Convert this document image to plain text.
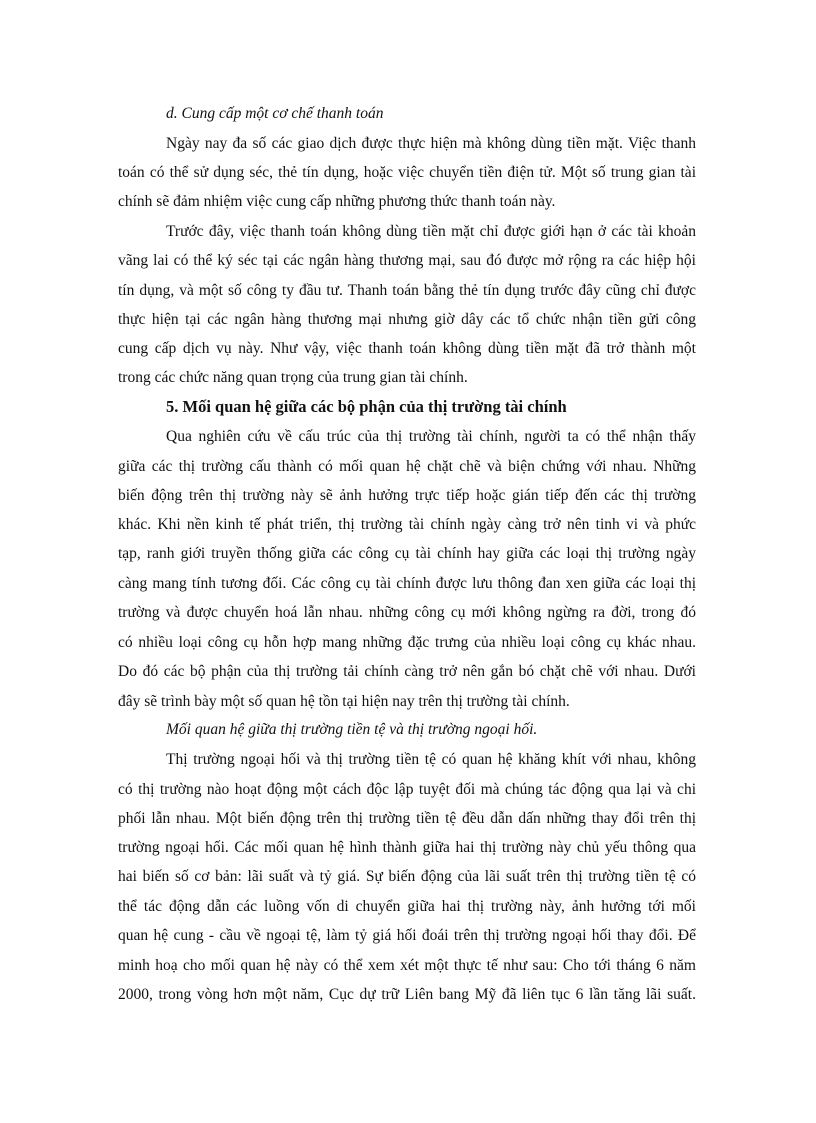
d. Cung cấp một cơ chế thanh toán
Ngày nay đa số các giao dịch được thực hiện mà không dùng tiền mặt. Việc thanh
toán có thể sử dụng séc, thẻ tín dụng, hoặc việc chuyển tiền điện tử. Một số trung gian tài
chính sẽ đảm nhiệm việc cung cấp những phương thức thanh toán này.
Trước đây, việc thanh toán không dùng tiền mặt chỉ được giới hạn ở các tài khoản
vãng lai có thể ký séc tại các ngân hàng thương mại, sau đó được mở rộng ra các hiệp hội
tín dụng, và một số công ty đầu tư. Thanh toán bằng thẻ tín dụng trước đây cũng chỉ được
thực hiện tại các ngân hàng thương mại nhưng giờ dây các tổ chức nhận tiền gửi công
cung cấp dịch vụ này. Như vậy, việc thanh toán không dùng tiền mặt đã trở thành một
trong các chức năng quan trọng của trung gian tài chính.
5. Mối quan hệ giữa các bộ phận của thị trường tài chính
Qua nghiên cứu về cấu trúc của thị trường tài chính, người ta có thể nhận thấy
giữa các thị trường cấu thành có mối quan hệ chặt chẽ và biện chứng với nhau. Những
biến động trên thị trường này sẽ ảnh hưởng trực tiếp hoặc gián tiếp đến các thị trường
khác. Khi nền kinh tế phát triển, thị trường tài chính ngày càng trở nên tinh vi và phức
tạp, ranh giới truyền thống giữa các công cụ tài chính hay giữa các loại thị trường ngày
càng mang tính tương đối. Các công cụ tài chính được lưu thông đan xen giữa các loại thị
trường và được chuyển hoá lẫn nhau. những công cụ mới không ngừng ra đời, trong đó
có nhiều loại công cụ hỗn hợp mang những đặc trưng của nhiều loại công cụ khác nhau.
Do đó các bộ phận của thị trường tải chính càng trở nên gắn bó chặt chẽ với nhau. Dưới
đây sẽ trình bày một số quan hệ tồn tại hiện nay trên thị trường tài chính.
Mối quan hệ giữa thị trường tiền tệ và thị trường ngoại hối.
Thị trường ngoại hối và thị trường tiền tệ có quan hệ khăng khít với nhau, không
có thị trường nào hoạt động một cách độc lập tuyệt đối mà chúng tác động qua lại và chi
phối lẫn nhau. Một biến động trên thị trường tiền tệ đều dẫn dấn những thay đổi trên thị
trường ngoại hối. Các mối quan hệ hình thành giữa hai thị trường này chủ yếu thông qua
hai biến số cơ bản: lãi suất và tỷ giá. Sự biến động của lãi suất trên thị trường tiền tệ có
thể tác động dẫn các luồng vốn di chuyển giữa hai thị trường này, ảnh hưởng tới mối
quan hệ cung - cầu về ngoại tệ, làm tỷ giá hối đoái trên thị trường ngoại hối thay đổi. Để
minh hoạ cho mối quan hệ này có thể xem xét một thực tế như sau: Cho tới tháng 6 năm
2000, trong vòng hơn một năm, Cục dự trữ Liên bang Mỹ đã liên tục 6 lần tăng lãi suất.
